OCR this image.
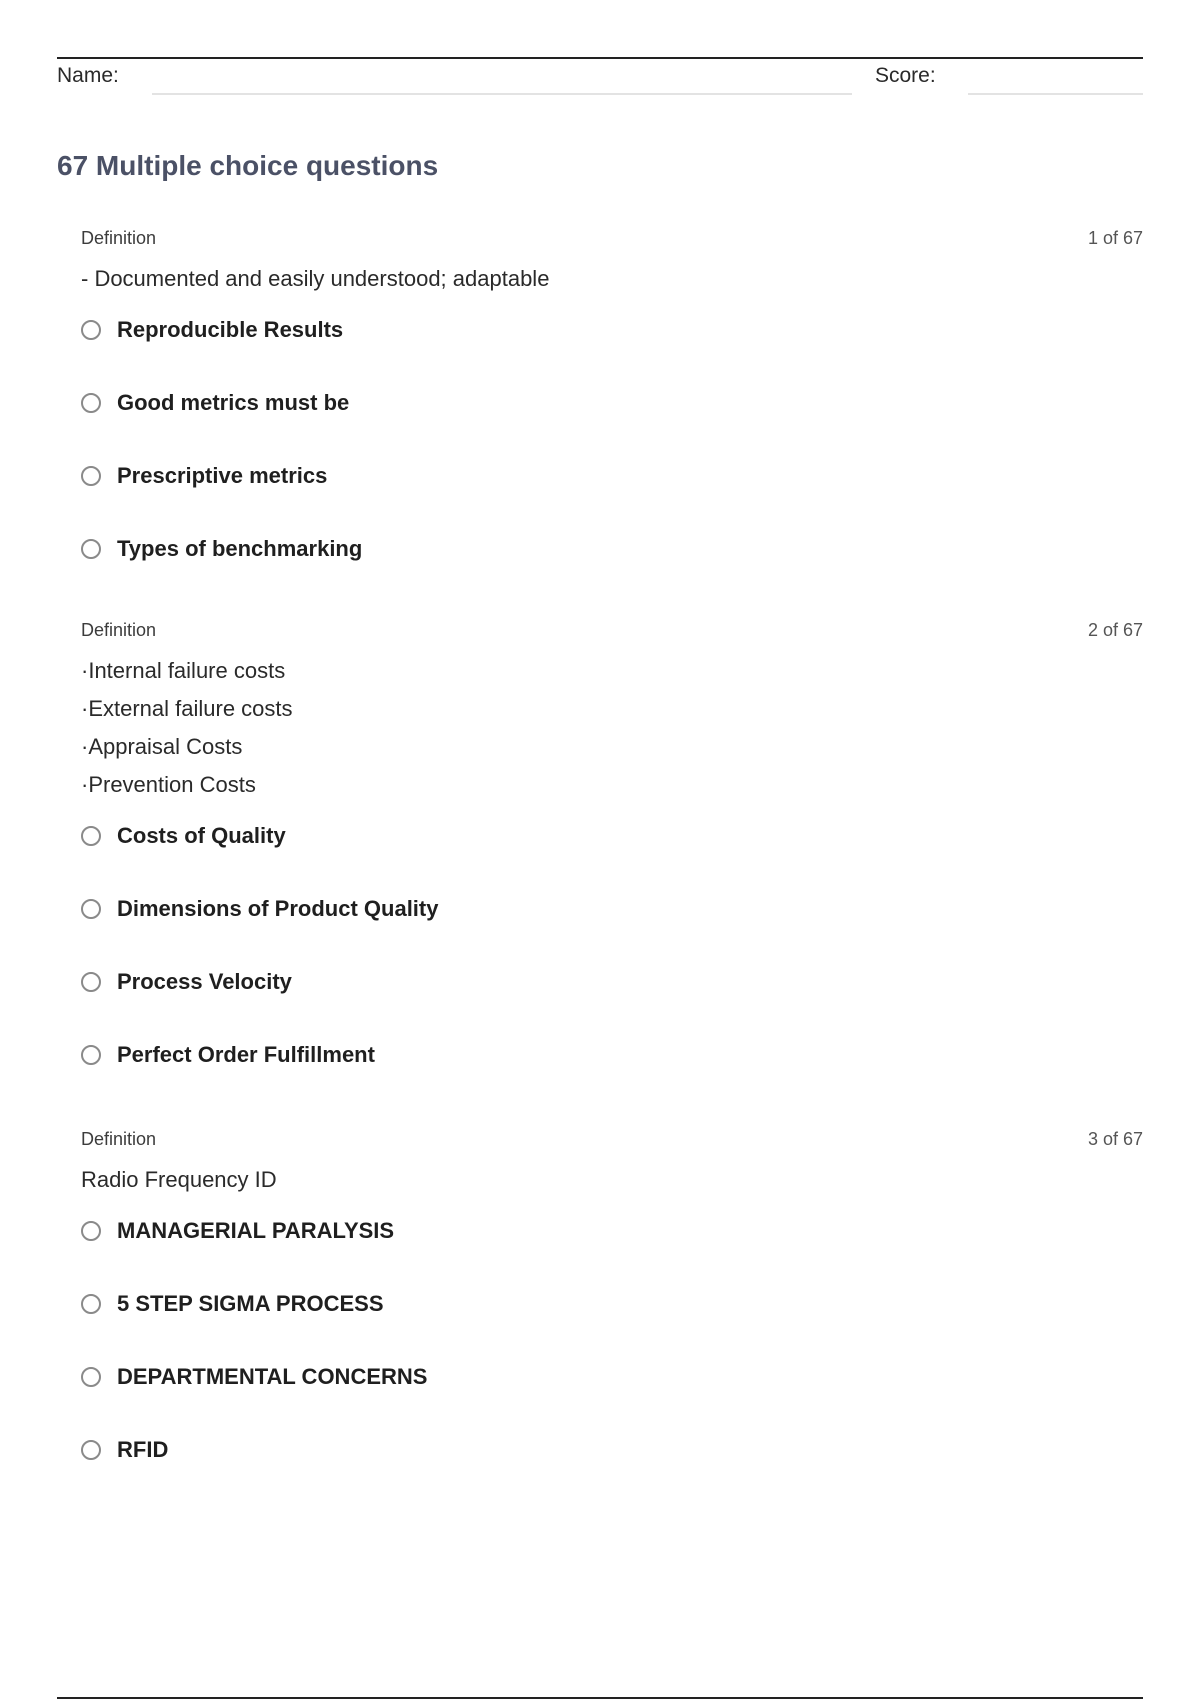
Name:	Score:
67 Multiple choice questions
Definition	1 of 67
- Documented and easily understood; adaptable
Reproducible Results
Good metrics must be
Prescriptive metrics
Types of benchmarking
Definition	2 of 67
·Internal failure costs
·External failure costs
·Appraisal Costs
·Prevention Costs
Costs of Quality
Dimensions of Product Quality
Process Velocity
Perfect Order Fulfillment
Definition	3 of 67
Radio Frequency ID
MANAGERIAL PARALYSIS
5 STEP SIGMA PROCESS
DEPARTMENTAL CONCERNS
RFID
